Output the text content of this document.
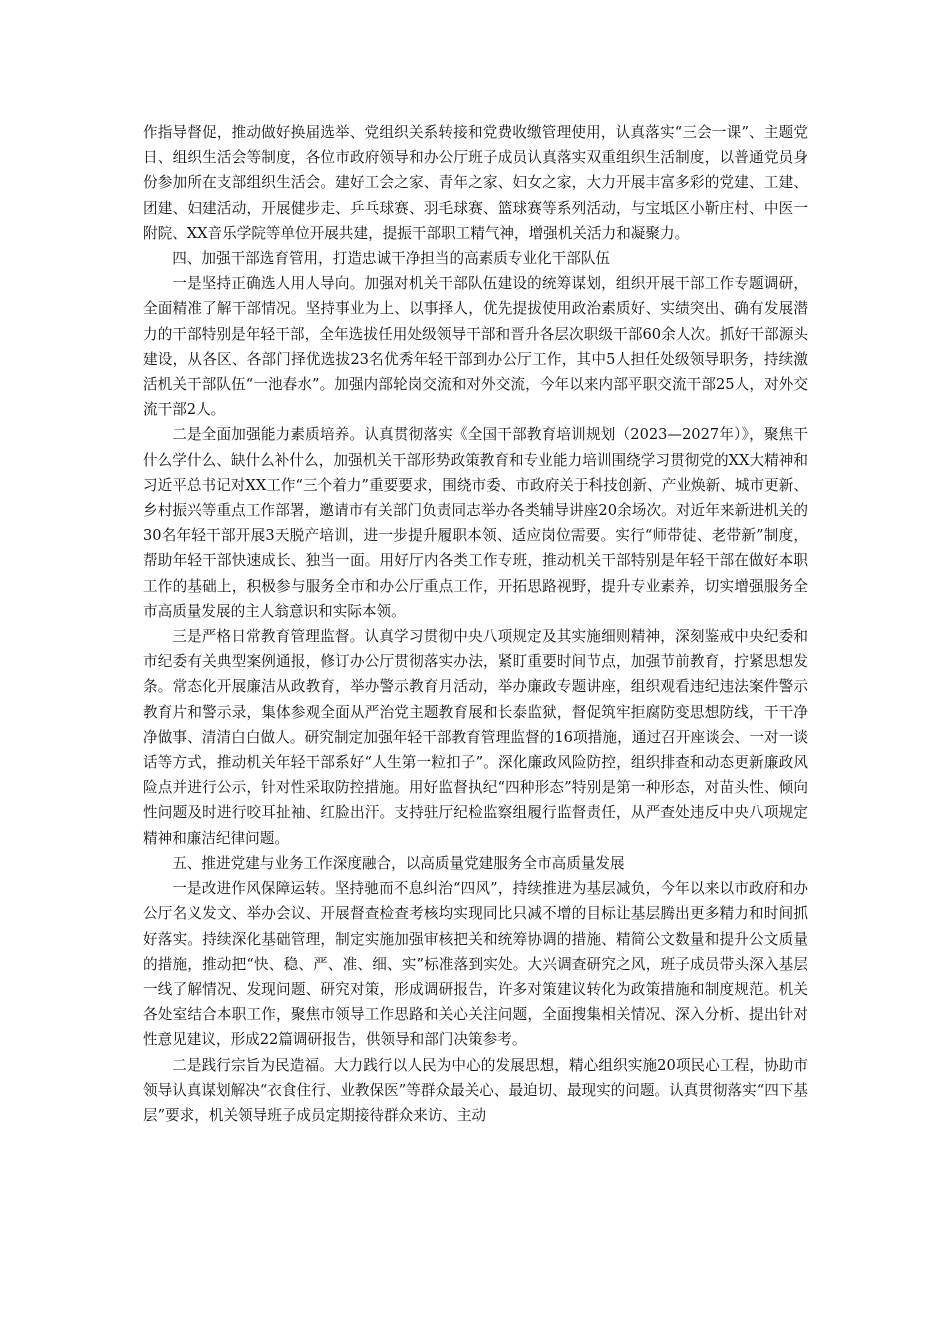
作指导督促，推动做好换届选举、党组织关系转接和党费收缴管理使用，认真落实“三会一课”、主题党日、组织生活会等制度，各位市政府领导和办公厅班子成员认真落实双重组织生活制度，以普通党员身份参加所在支部组织生活会。建好工会之家、青年之家、妇女之家，大力开展丰富多彩的党建、工建、团建、妇建活动，开展健步走、乒乓球赛、羽毛球赛、篮球赛等系列活动，与宝坻区小靳庄村、中医一附院、XX音乐学院等单位开展共建，提振干部职工精气神，增强机关活力和凝聚力。

四、加强干部选育管用，打造忠诚干净担当的高素质专业化干部队伍

一是坚持正确选人用人导向。加强对机关干部队伍建设的统筹谋划，组织开展干部工作专题调研，全面精准了解干部情况。坚持事业为上、以事择人，优先提拔使用政治素质好、实绩突出、确有发展潜力的干部特别是年轻干部，全年选拔任用处级领导干部和晋升各层次职级干部60余人次。抓好干部源头建设，从各区、各部门择优选拔23名优秀年轻干部到办公厅工作，其中5人担任处级领导职务，持续激活机关干部队伍“一池春水”。加强内部轮岗交流和对外交流，今年以来内部平职交流干部25人，对外交流干部2人。

二是全面加强能力素质培养。认真贯彻落实《全国干部教育培训规划（2023—2027年）》，聚焦干什么学什么、缺什么补什么，加强机关干部形势政策教育和专业能力培训围绕学习贯彻党的XX大精神和习近平总书记对XX工作“三个着力”重要要求，围绕市委、市政府关于科技创新、产业焕新、城市更新、乡村振兴等重点工作部署，邀请市有关部门负责同志举办各类辅导讲座20余场次。对近年来新进机关的30名年轻干部开展3天脱产培训，进一步提升履职本领、适应岗位需要。实行“师带徒、老带新”制度，帮助年轻干部快速成长、独当一面。用好厅内各类工作专班，推动机关干部特别是年轻干部在做好本职工作的基础上，积极参与服务全市和办公厅重点工作，开拓思路视野，提升专业素养，切实增强服务全市高质量发展的主人翁意识和实际本领。

三是严格日常教育管理监督。认真学习贯彻中央八项规定及其实施细则精神，深刻鉴戒中央纪委和市纪委有关典型案例通报，修订办公厅贯彻落实办法，紧盯重要时间节点，加强节前教育，拧紧思想发条。常态化开展廉洁从政教育，举办警示教育月活动，举办廉政专题讲座，组织观看违纪违法案件警示教育片和警示录，集体参观全面从严治党主题教育展和长泰监狱，督促筑牢拒腐防变思想防线，干干净净做事、清清白白做人。研究制定加强年轻干部教育管理监督的16项措施，通过召开座谈会、一对一谈话等方式，推动机关年轻干部系好“人生第一粒扣子”。深化廉政风险防控，组织排查和动态更新廉政风险点并进行公示，针对性采取防控措施。用好监督执纪“四种形态”特别是第一种形态，对苗头性、倾向性问题及时进行咬耳扯袖、红脸出汗。支持驻厅纪检监察组履行监督责任，从严查处违反中央八项规定精神和廉洁纪律问题。

五、推进党建与业务工作深度融合，以高质量党建服务全市高质量发展

一是改进作风保障运转。坚持驰而不息纠治“四风”，持续推进为基层减负，今年以来以市政府和办公厅名义发文、举办会议、开展督查检查考核均实现同比只减不增的目标让基层腾出更多精力和时间抓好落实。持续深化基础管理，制定实施加强审核把关和统筹协调的措施、精简公文数量和提升公文质量的措施，推动把“快、稳、严、准、细、实”标准落到实处。大兴调查研究之风，班子成员带头深入基层一线了解情况、发现问题、研究对策，形成调研报告，许多对策建议转化为政策措施和制度规范。机关各处室结合本职工作，聚焦市领导工作思路和关心关注问题，全面搜集相关情况、深入分析、提出针对性意见建议，形成22篇调研报告，供领导和部门决策参考。

二是践行宗旨为民造福。大力践行以人民为中心的发展思想，精心组织实施20项民心工程，协助市领导认真谋划解决“衣食住行、业教保医”等群众最关心、最迫切、最现实的问题。认真贯彻落实“四下基层”要求，机关领导班子成员定期接待群众来访、主动
